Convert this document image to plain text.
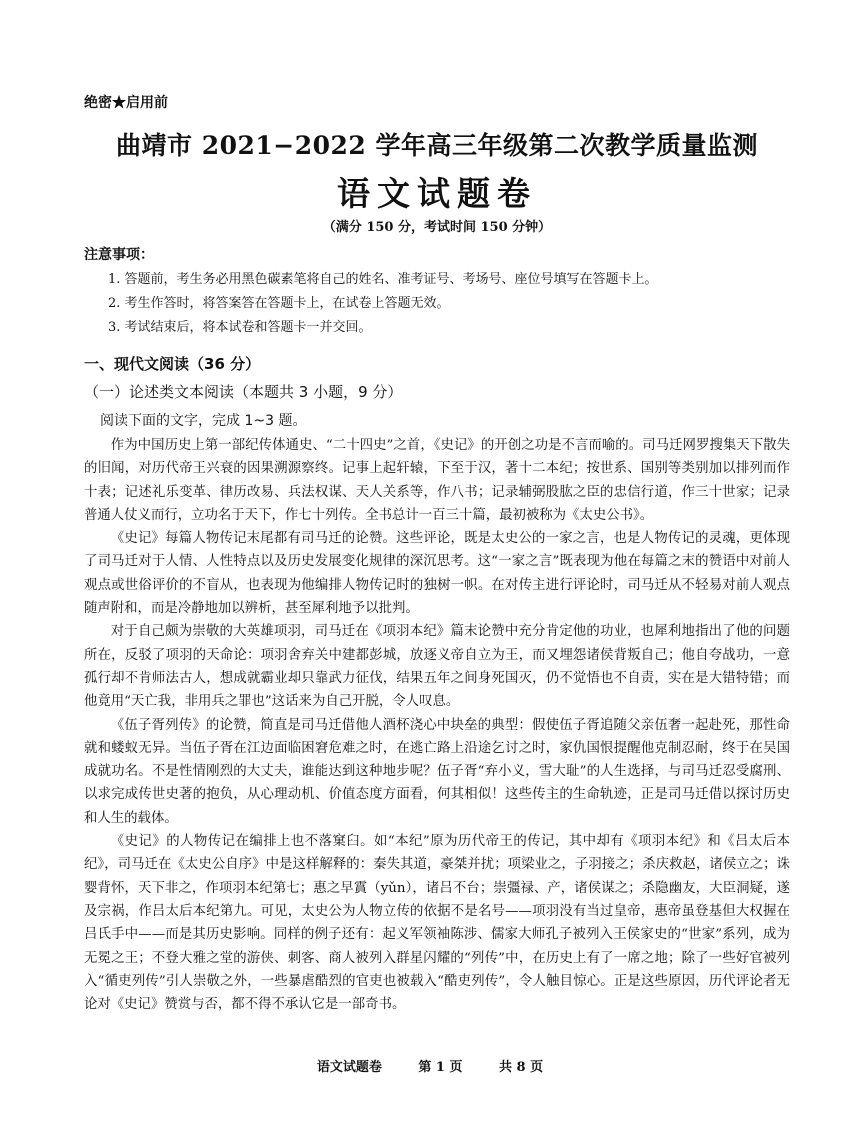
绝密★启用前
曲靖市 2021−2022 学年高三年级第二次教学质量监测
语文试题卷
（满分 150 分，考试时间 150 分钟）
注意事项：
1. 答题前，考生务必用黑色碳素笔将自己的姓名、准考证号、考场号、座位号填写在答题卡上。
2. 考生作答时，将答案答在答题卡上，在试卷上答题无效。
3. 考试结束后，将本试卷和答题卡一并交回。
一、现代文阅读（36 分）
（一）论述类文本阅读（本题共 3 小题，9 分）
阅读下面的文字，完成 1~3 题。

作为中国历史上第一部纪传体通史、“二十四史”之首，《史记》的开创之功是不言而喻的。司马迁网罗搜集天下散失的旧闻，对历代帝王兴衰的因果溯源察终。记事上起轩辕，下至于汉，著十二本纪；按世系、国别等类别加以排列而作十表；记述礼乐变革、律历改易、兵法权谋、天人关系等，作八书；记录辅弼股肱之臣的忠信行道，作三十世家；记录普通人仗义而行，立功名于天下，作七十列传。全书总计一百三十篇，最初被称为《太史公书》。

《史记》每篇人物传记末尾都有司马迁的论赞。这些评论，既是太史公的一家之言，也是人物传记的灵魂，更体现了司马迁对于人情、人性特点以及历史发展变化规律的深沉思考。这“一家之言”既表现为他在每篇之末的赞语中对前人观点或世俗评价的不盲从，也表现为他编排人物传记时的独树一帜。在对传主进行评论时，司马迁从不轻易对前人观点随声附和，而是冷静地加以辨析，甚至犀利地予以批判。

对于自己颇为崇敬的大英雄项羽，司马迁在《项羽本纪》篇末论赞中充分肯定他的功业，也犀利地指出了他的问题所在，反驳了项羽的天命论：项羽舍弃关中建都彭城，放逐义帝自立为王，而又埋怨诸侯背叛自己；他自夸战功，一意孤行却不肯师法古人，想成就霸业却只靠武力征伐，结果五年之间身死国灭，仍不觉悟也不自责，实在是大错特错；而他竟用“天亡我，非用兵之罪也”这话来为自己开脱，令人叹息。

《伍子胥列传》的论赞，简直是司马迁借他人酒杯浇心中块垒的典型：假使伍子胥追随父亲伍奢一起赴死，那性命就和蝼蚁无异。当伍子胥在江边面临困窘危难之时，在逃亡路上沿途乞讨之时，家仇国恨提醒他克制忍耐，终于在吴国成就功名。不是性情刚烈的大丈夫，谁能达到这种地步呢？伍子胥“弃小义，雪大耻”的人生选择，与司马迁忍受腐刑、以求完成传世史著的抱负，从心理动机、价值态度方面看，何其相似！这些传主的生命轨迹，正是司马迁借以探讨历史和人生的载体。

《史记》的人物传记在编排上也不落窠臼。如“本纪”原为历代帝王的传记，其中却有《项羽本纪》和《吕太后本纪》，司马迁在《太史公自序》中是这样解释的：秦失其道，豪桀并扰；项梁业之，子羽接之；杀庆救赵，诸侯立之；诛婴背怀，天下非之，作项羽本纪第七；惠之早霣（yǔn），诸吕不台；崇彊禄、产，诸侯谋之；杀隐幽友，大臣洞疑，遂及宗祸，作吕太后本纪第九。可见，太史公为人物立传的依据不是名号——项羽没有当过皇帝，惠帝虽登基但大权握在吕氏手中——而是其历史影响。同样的例子还有：起义军领袖陈涉、儒家大师孔子被列入王侯家史的“世家”系列，成为无冕之王；不登大雅之堂的游侠、刺客、商人被列入群星闪耀的“列传”中，在历史上有了一席之地；除了一些好官被列入“循吏列传”引人崇敬之外，一些暴虐酷烈的官吏也被载入“酷吏列传”，令人触目惊心。正是这些原因，历代评论者无论对《史记》赞赏与否，都不得不承认它是一部奇书。

语文试题卷	第 1 页	共 8 页
